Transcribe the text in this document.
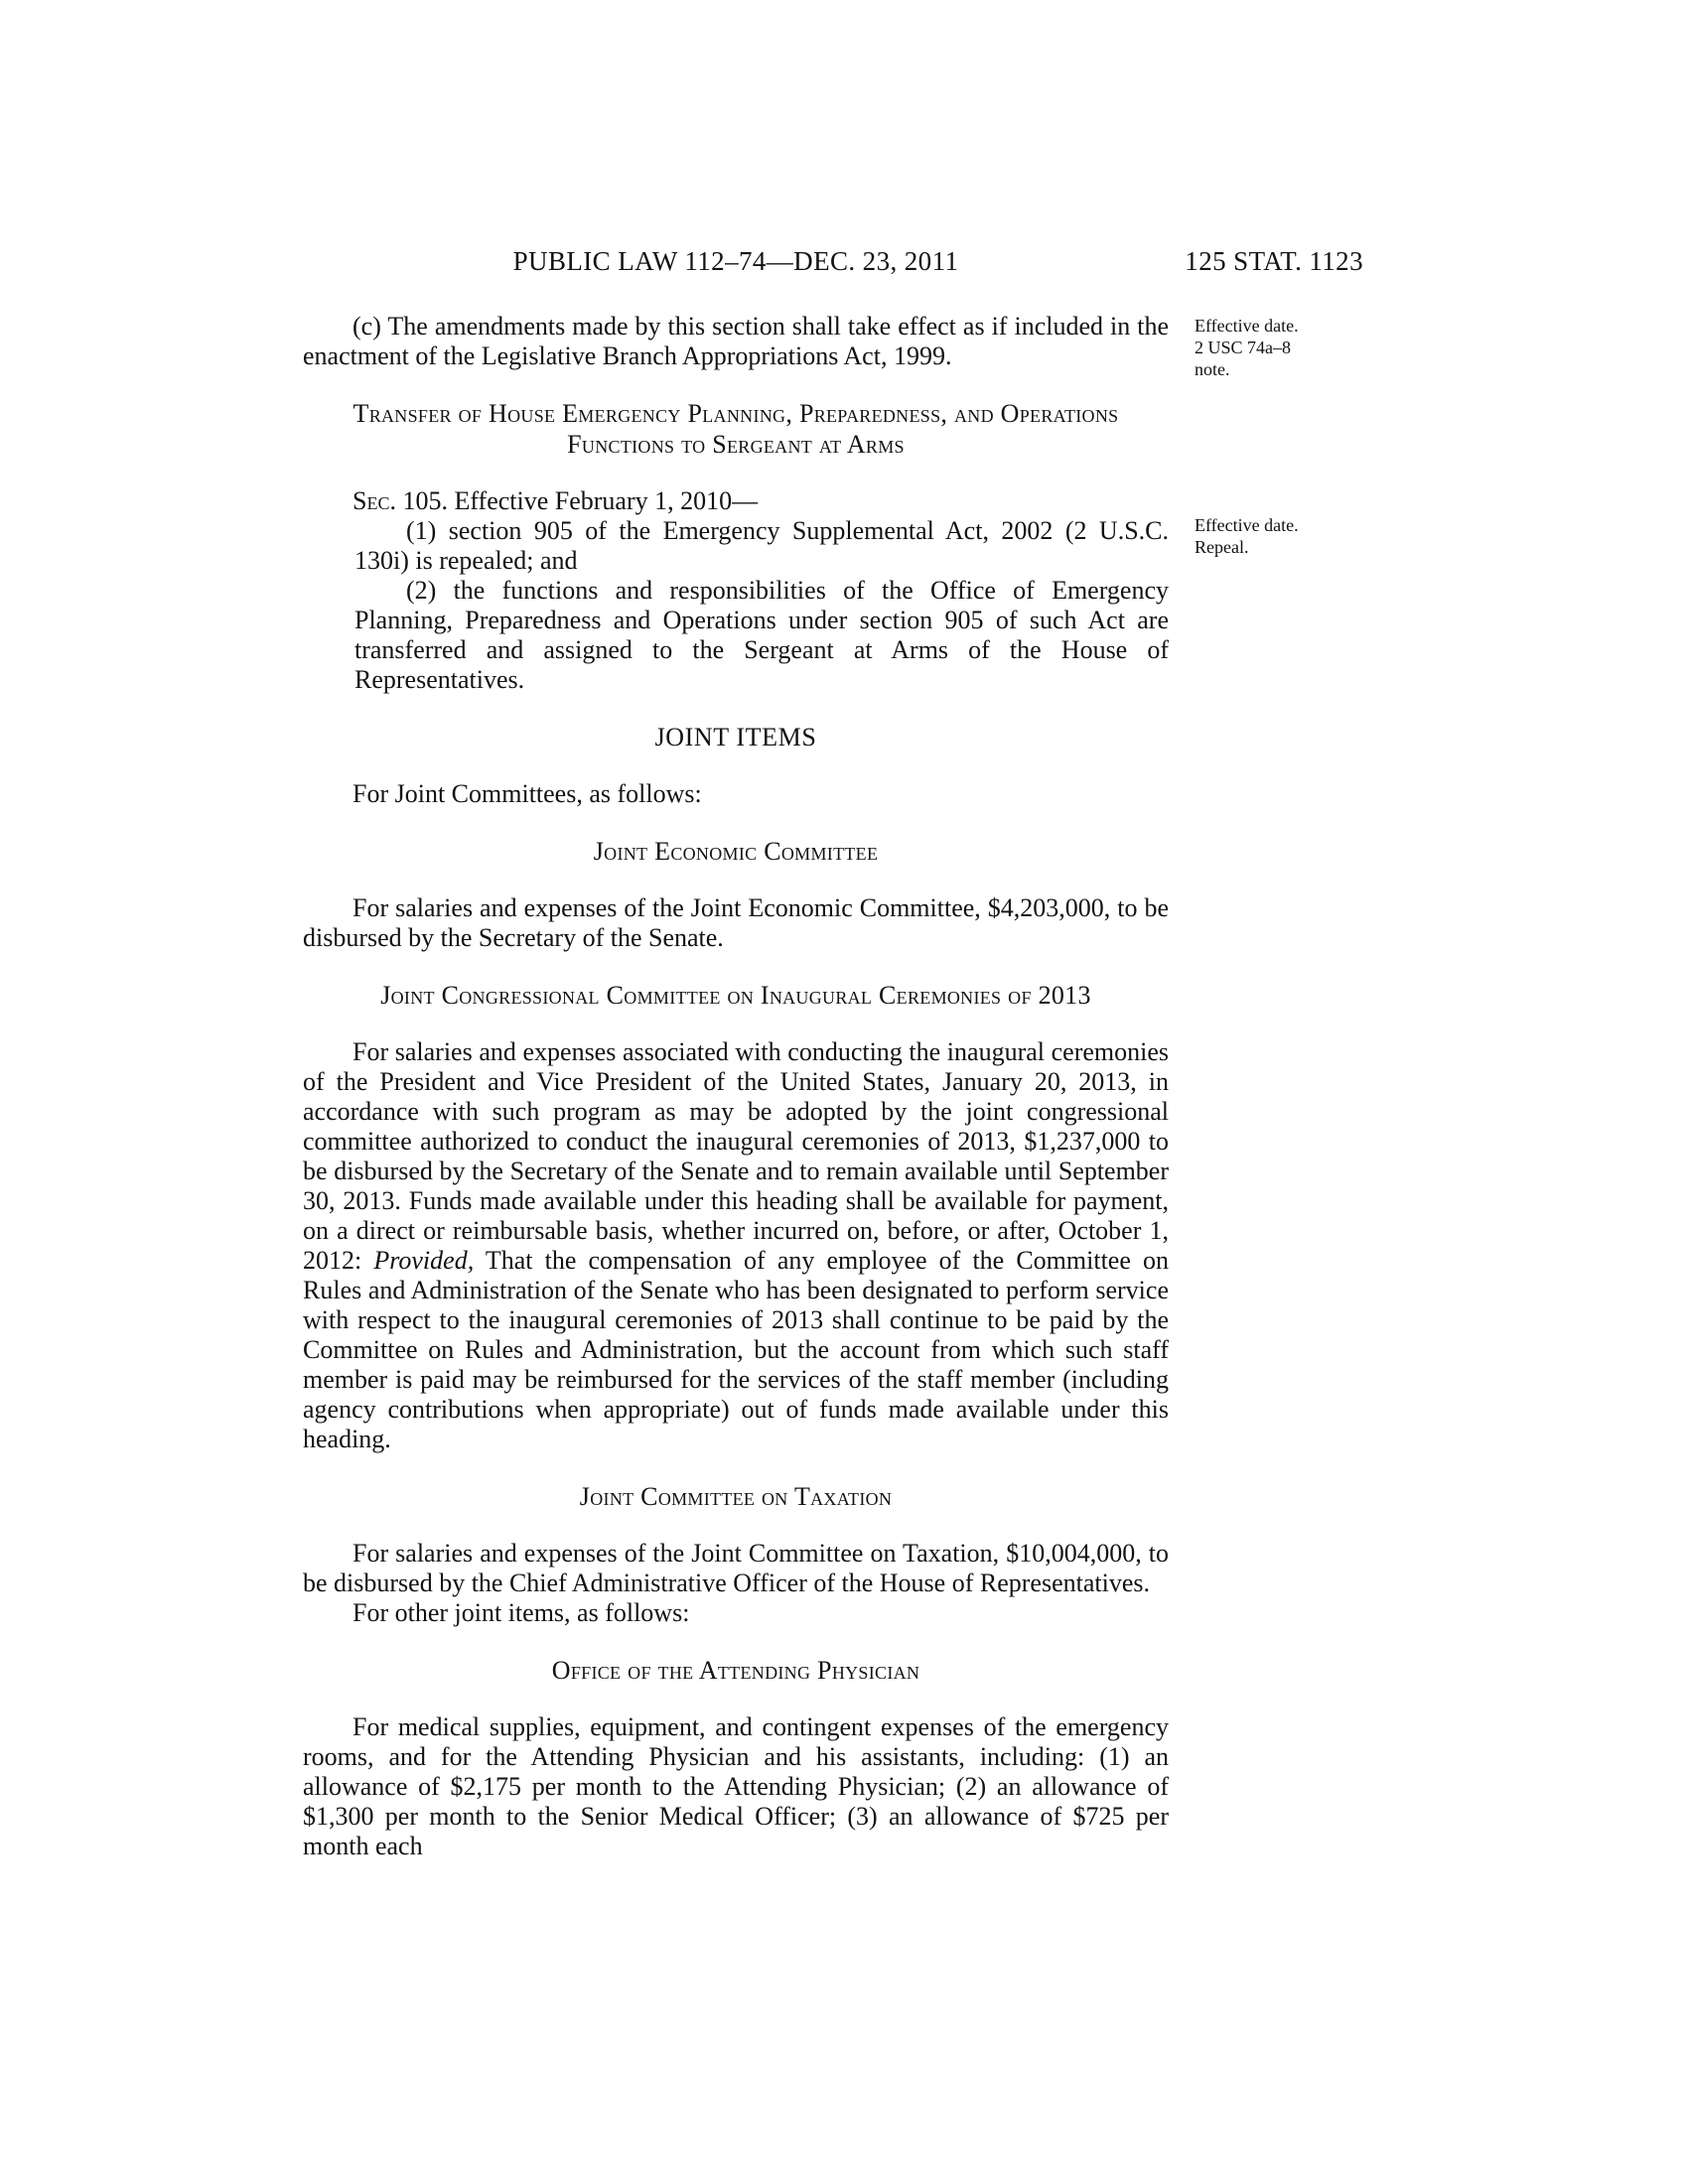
PUBLIC LAW 112–74—DEC. 23, 2011	125 STAT. 1123

(c) The amendments made by this section shall take effect as if included in the enactment of the Legislative Branch Appropriations Act, 1999.

Transfer of House Emergency Planning, Preparedness, and Operations Functions to Sergeant at Arms

Sec. 105. Effective February 1, 2010—

(1) section 905 of the Emergency Supplemental Act, 2002 (2 U.S.C. 130i) is repealed; and

(2) the functions and responsibilities of the Office of Emergency Planning, Preparedness and Operations under section 905 of such Act are transferred and assigned to the Sergeant at Arms of the House of Representatives.

JOINT ITEMS

For Joint Committees, as follows:

Joint Economic Committee

For salaries and expenses of the Joint Economic Committee, $4,203,000, to be disbursed by the Secretary of the Senate.

Joint Congressional Committee on Inaugural Ceremonies of 2013

For salaries and expenses associated with conducting the inaugural ceremonies of the President and Vice President of the United States, January 20, 2013, in accordance with such program as may be adopted by the joint congressional committee authorized to conduct the inaugural ceremonies of 2013, $1,237,000 to be disbursed by the Secretary of the Senate and to remain available until September 30, 2013. Funds made available under this heading shall be available for payment, on a direct or reimbursable basis, whether incurred on, before, or after, October 1, 2012: Provided, That the compensation of any employee of the Committee on Rules and Administration of the Senate who has been designated to perform service with respect to the inaugural ceremonies of 2013 shall continue to be paid by the Committee on Rules and Administration, but the account from which such staff member is paid may be reimbursed for the services of the staff member (including agency contributions when appropriate) out of funds made available under this heading.

Joint Committee on Taxation

For salaries and expenses of the Joint Committee on Taxation, $10,004,000, to be disbursed by the Chief Administrative Officer of the House of Representatives.

For other joint items, as follows:

Office of the Attending Physician

For medical supplies, equipment, and contingent expenses of the emergency rooms, and for the Attending Physician and his assistants, including: (1) an allowance of $2,175 per month to the Attending Physician; (2) an allowance of $1,300 per month to the Senior Medical Officer; (3) an allowance of $725 per month each

Effective date.
2 USC 74a–8
note.
Effective date.
Repeal.
